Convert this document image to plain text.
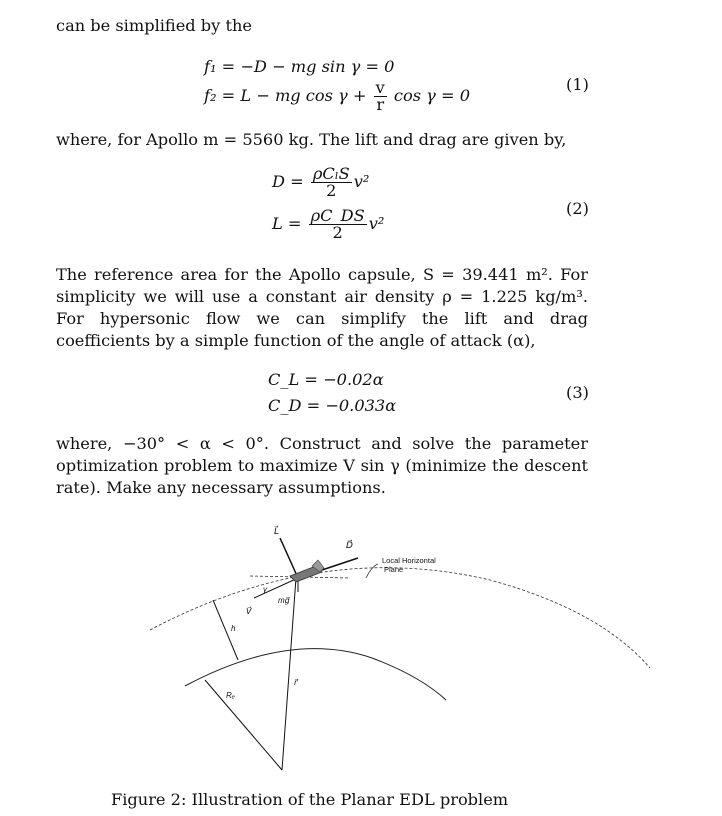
can be simplified by the
f₁ = −D − mg sin γ = 0
f₂ = L − mg $\cos \gamma + \frac{v}{r}$ cos γ = 0
(1)
where, for Apollo m = 5560 kg. The lift and drag are given by,
$D = \frac{\text{ρCₗS}}{2} v^2$
$L = \frac{\rho C\_DS}{2} v^2$
(2)
The reference area for the Apollo capsule, S = 39.441 m². For simplicity we will use a constant air density ρ = 1.225 kg/m³. For hypersonic flow we can simplify the lift and drag coefficients by a simple function of the angle of attack (α),
C_L = −0.02α
C_D = −0.033α
(3)
where, −30° < α < 0°. Construct and solve the parameter optimization problem to maximize V sin γ (minimize the descent rate). Make any necessary assumptions.
L⃗
D⃗
Local Horizontal
Plane
γ
mg⃗
V⃗
h
r⃗
Rₑ
Figure 2: Illustration of the Planar EDL problem
